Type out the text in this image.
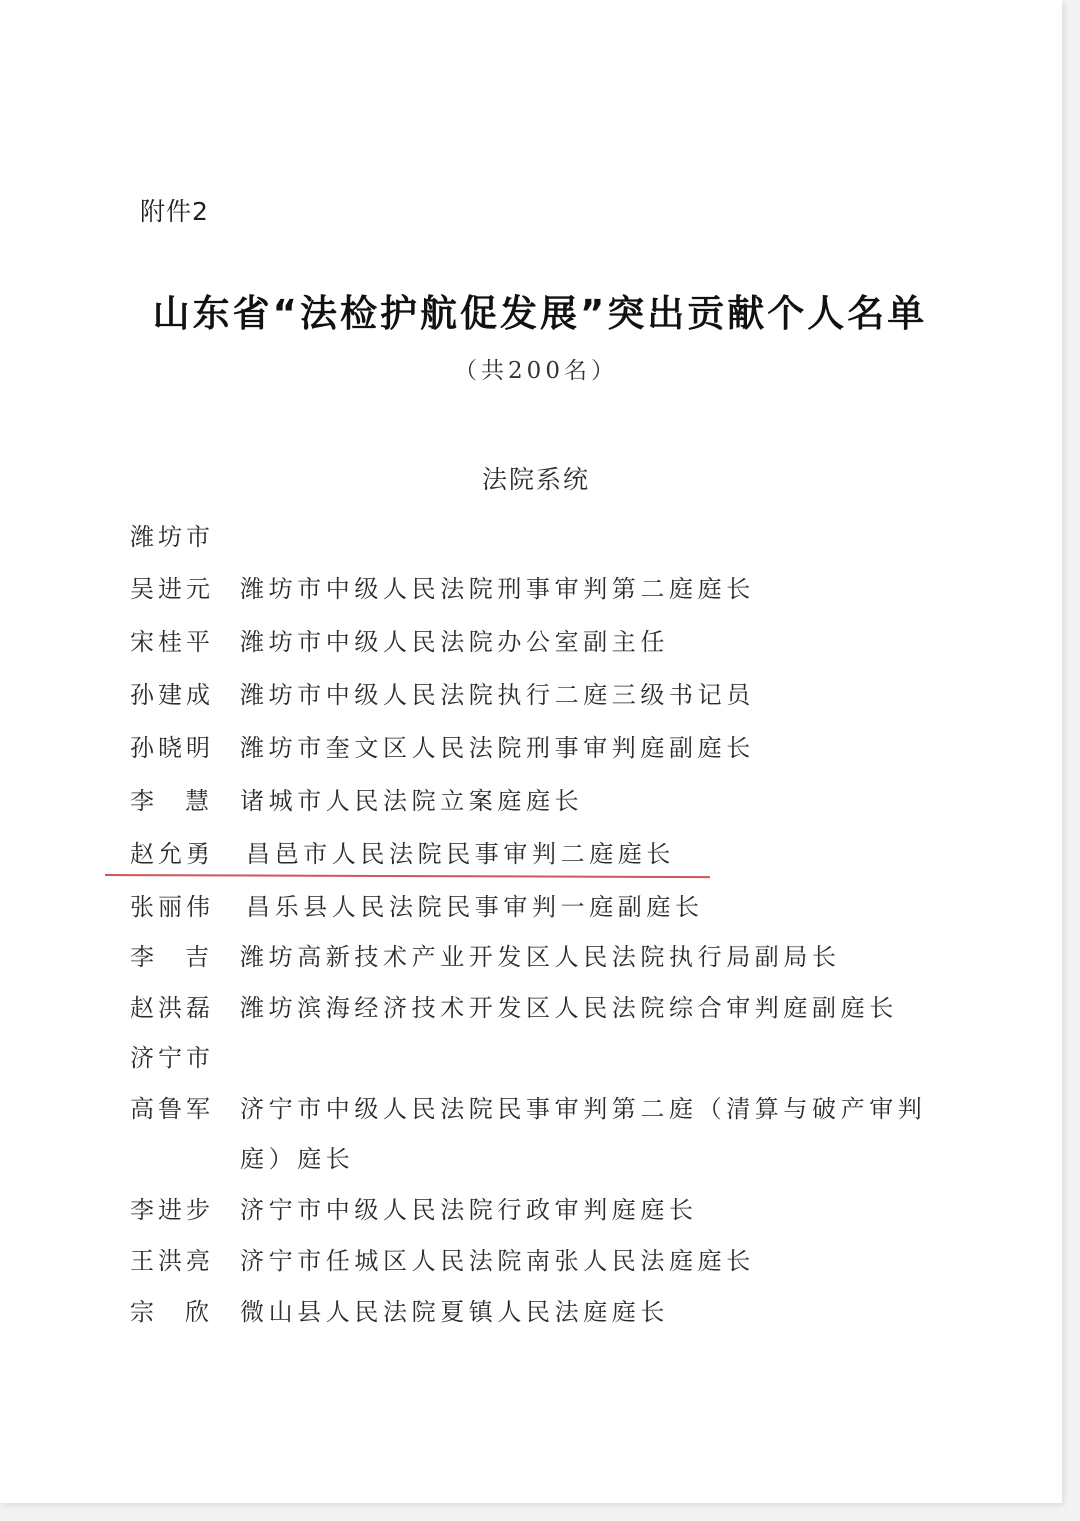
附件2
山东省“法检护航促发展”突出贡献个人名单
（共200名）
法院系统
潍坊市
吴进元 潍坊市中级人民法院刑事审判第二庭庭长
宋桂平 潍坊市中级人民法院办公室副主任
孙建成 潍坊市中级人民法院执行二庭三级书记员
孙晓明 潍坊市奎文区人民法院刑事审判庭副庭长
李慧 诸城市人民法院立案庭庭长
赵允勇 昌邑市人民法院民事审判二庭庭长
张丽伟 昌乐县人民法院民事审判一庭副庭长
李吉 潍坊高新技术产业开发区人民法院执行局副局长
赵洪磊 潍坊滨海经济技术开发区人民法院综合审判庭副庭长
济宁市
高鲁军 济宁市中级人民法院民事审判第二庭（清算与破产审判
庭）庭长
李进步 济宁市中级人民法院行政审判庭庭长
王洪亮 济宁市任城区人民法院南张人民法庭庭长
宗欣 微山县人民法院夏镇人民法庭庭长
